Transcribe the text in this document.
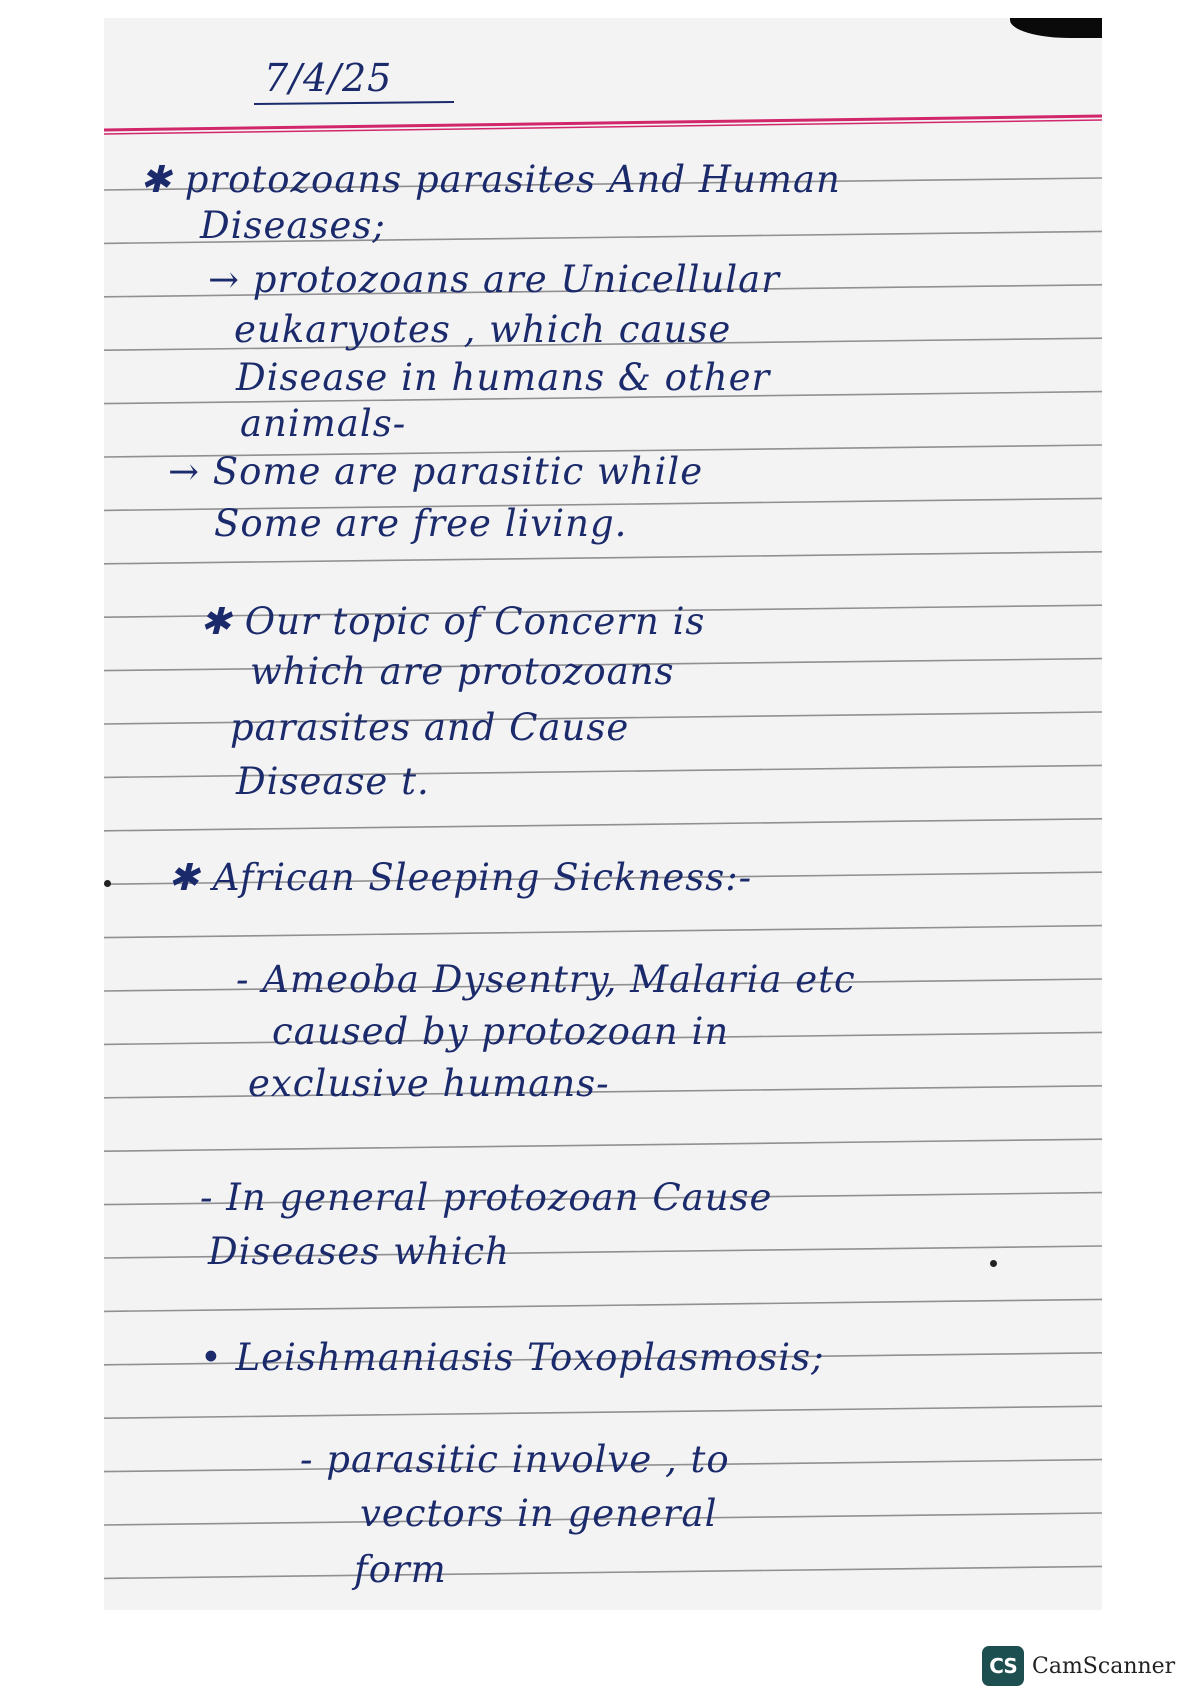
7/4/25
✱ protozoans parasites And Human
Diseases;
→ protozoans are Unicellular
eukaryotes , which cause
Disease in humans & other
animals-
→ Some are parasitic while
Some are free living.
✱ Our topic of Concern is
which are protozoans
parasites and Cause
Disease t.
✱ African Sleeping Sickness:-
- Ameoba Dysentry, Malaria etc
caused by protozoan in
exclusive humans-
- In general protozoan Cause
Diseases which
• Leishmaniasis Toxoplasmosis;
- parasitic involve , to
vectors in general
form
CS CamScanner
